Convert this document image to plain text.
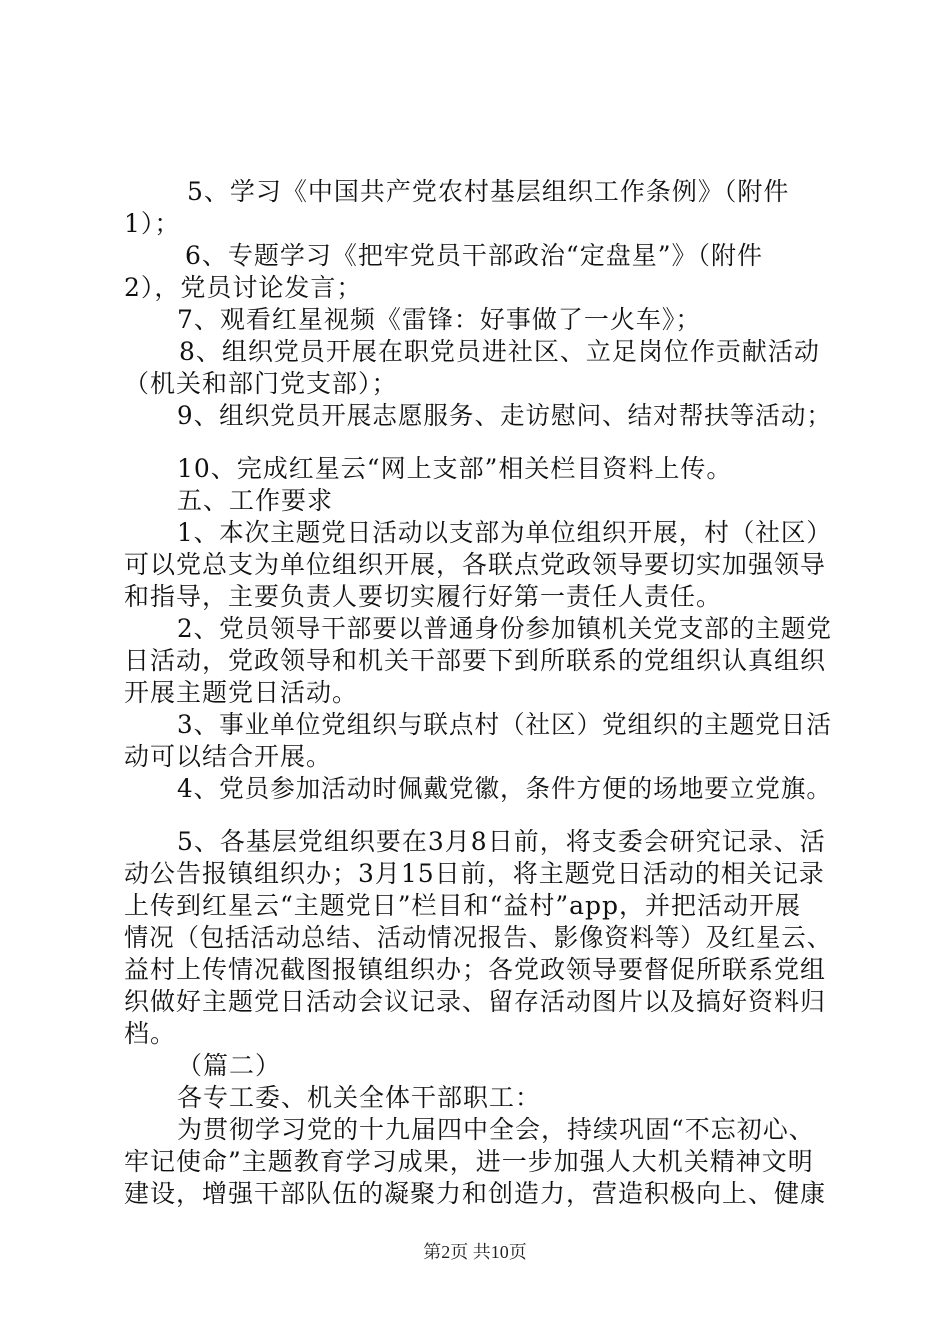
5、学习《中国共产党农村基层组织工作条例》（附件
1）；
6、专题学习《把牢党员干部政治“定盘星”》（附件
2），党员讨论发言；
7、观看红星视频《雷锋：好事做了一火车》；
8、组织党员开展在职党员进社区、立足岗位作贡献活动
（机关和部门党支部）；
9、组织党员开展志愿服务、走访慰问、结对帮扶等活动；
10、完成红星云“网上支部”相关栏目资料上传。
五、工作要求
1、本次主题党日活动以支部为单位组织开展，村（社区）
可以党总支为单位组织开展，各联点党政领导要切实加强领导
和指导，主要负责人要切实履行好第一责任人责任。
2、党员领导干部要以普通身份参加镇机关党支部的主题党
日活动，党政领导和机关干部要下到所联系的党组织认真组织
开展主题党日活动。
3、事业单位党组织与联点村（社区）党组织的主题党日活
动可以结合开展。
4、党员参加活动时佩戴党徽，条件方便的场地要立党旗。
5、各基层党组织要在3月8日前，将支委会研究记录、活
动公告报镇组织办；3月15日前，将主题党日活动的相关记录
上传到红星云“主题党日”栏目和“益村”app，并把活动开展
情况（包括活动总结、活动情况报告、影像资料等）及红星云、
益村上传情况截图报镇组织办；各党政领导要督促所联系党组
织做好主题党日活动会议记录、留存活动图片以及搞好资料归
档。
（篇二）
各专工委、机关全体干部职工：
为贯彻学习党的十九届四中全会，持续巩固“不忘初心、
牢记使命”主题教育学习成果，进一步加强人大机关精神文明
建设，增强干部队伍的凝聚力和创造力，营造积极向上、健康
第2页 共10页
